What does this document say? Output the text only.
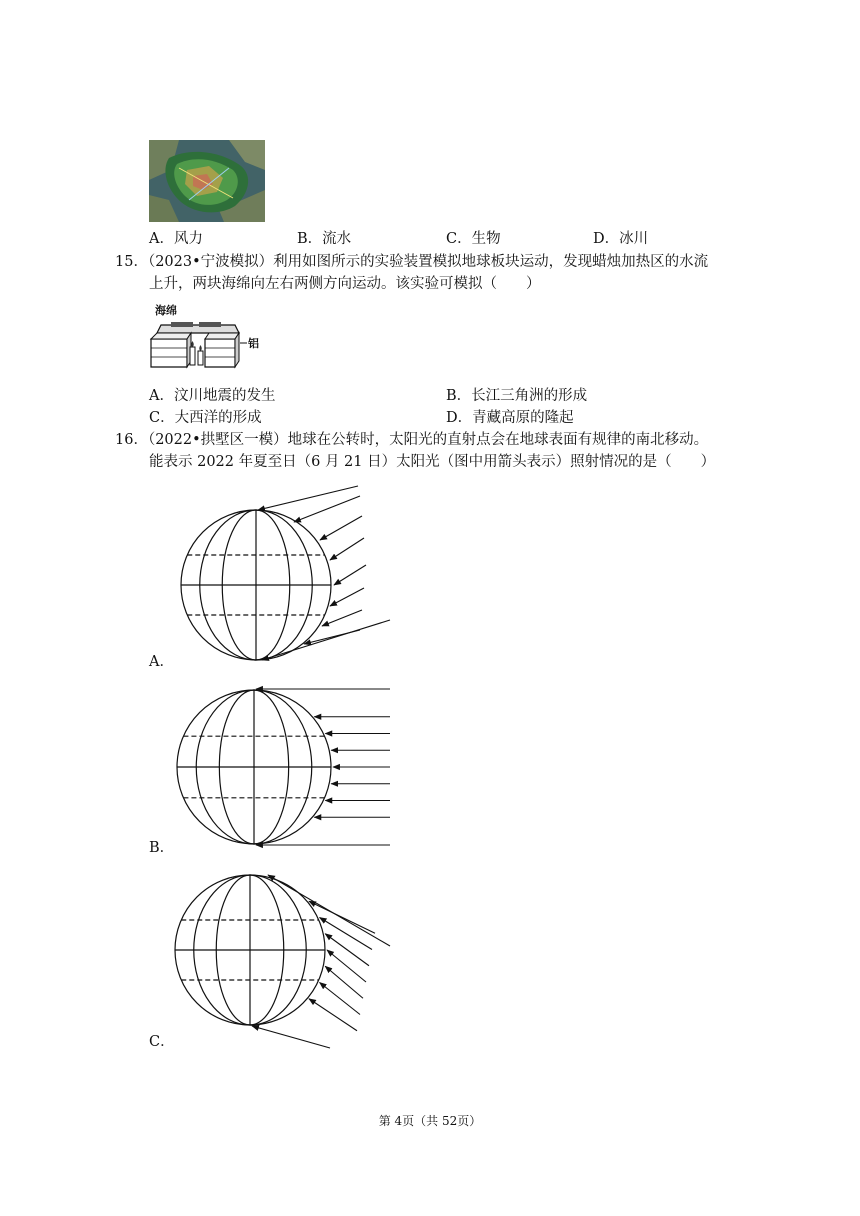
A．风力	B．流水	C．生物	D．冰川
15．（2023•宁波模拟）利用如图所示的实验装置模拟地球板块运动，发现蜡烛加热区的水流
上升，两块海绵向左右两侧方向运动。该实验可模拟（　　）
海绵
铝
A．汶川地震的发生	B．长江三角洲的形成
C．大西洋的形成	D．青藏高原的隆起
16．（2022•拱墅区一模）地球在公转时，太阳光的直射点会在地球表面有规律的南北移动。
能表示 2022 年夏至日（6 月 21 日）太阳光（图中用箭头表示）照射情况的是（　　）
A．
B．
C．
第 4页（共 52页）
